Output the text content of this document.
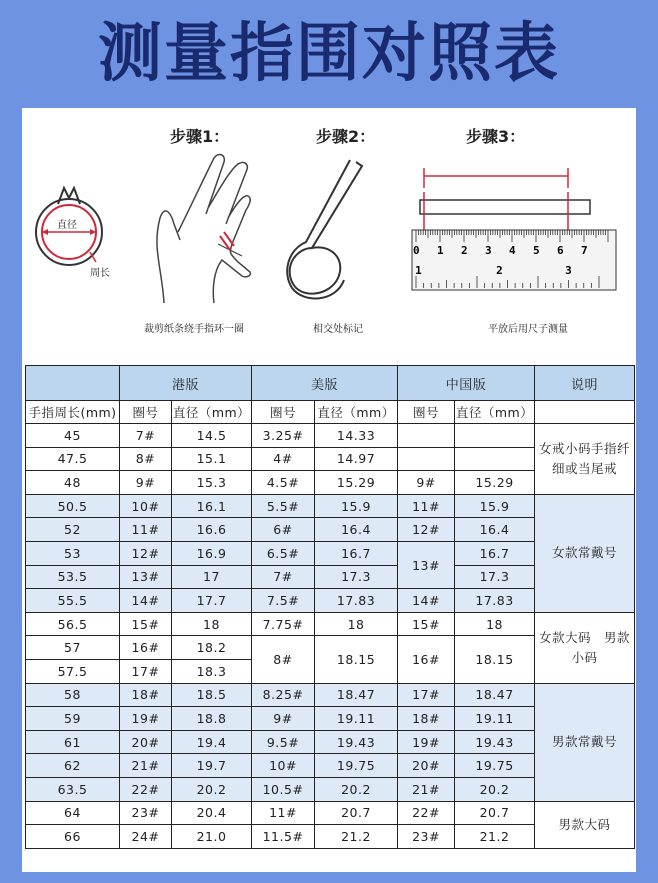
测量指围对照表
步骤1：	步骤2：	步骤3：
直径
周长
0 1 2 3 4 5 6 7
1	2	3
裁剪纸条绕手指环一圈	相交处标记	平放后用尺子测量
	港版		美版		中国版		说明
手指周长(mm)	圈号	直径（mm）	圈号	直径（mm）	圈号	直径（mm）	
45	7#	14.5	3.25#	14.33			女戒小码手指纤细或当尾戒
47.5	8#	15.1	4#	14.97			
48	9#	15.3	4.5#	15.29	9#	15.29	
50.5	10#	16.1	5.5#	15.9	11#	15.9	女款常戴号
52	11#	16.6	6#	16.4	12#	16.4	
53	12#	16.9	6.5#	16.7	13#	16.7	
53.5	13#	17	7#	17.3		17.3	
55.5	14#	17.7	7.5#	17.83	14#	17.83	
56.5	15#	18	7.75#	18	15#	18	女款大码　男款小码
57	16#	18.2	8#	18.15	16#	18.15	
57.5	17#	18.3					
58	18#	18.5	8.25#	18.47	17#	18.47	男款常戴号
59	19#	18.8	9#	19.11	18#	19.11	
61	20#	19.4	9.5#	19.43	19#	19.43	
62	21#	19.7	10#	19.75	20#	19.75	
63.5	22#	20.2	10.5#	20.2	21#	20.2	
64	23#	20.4	11#	20.7	22#	20.7	男款大码
66	24#	21.0	11.5#	21.2	23#	21.2	
